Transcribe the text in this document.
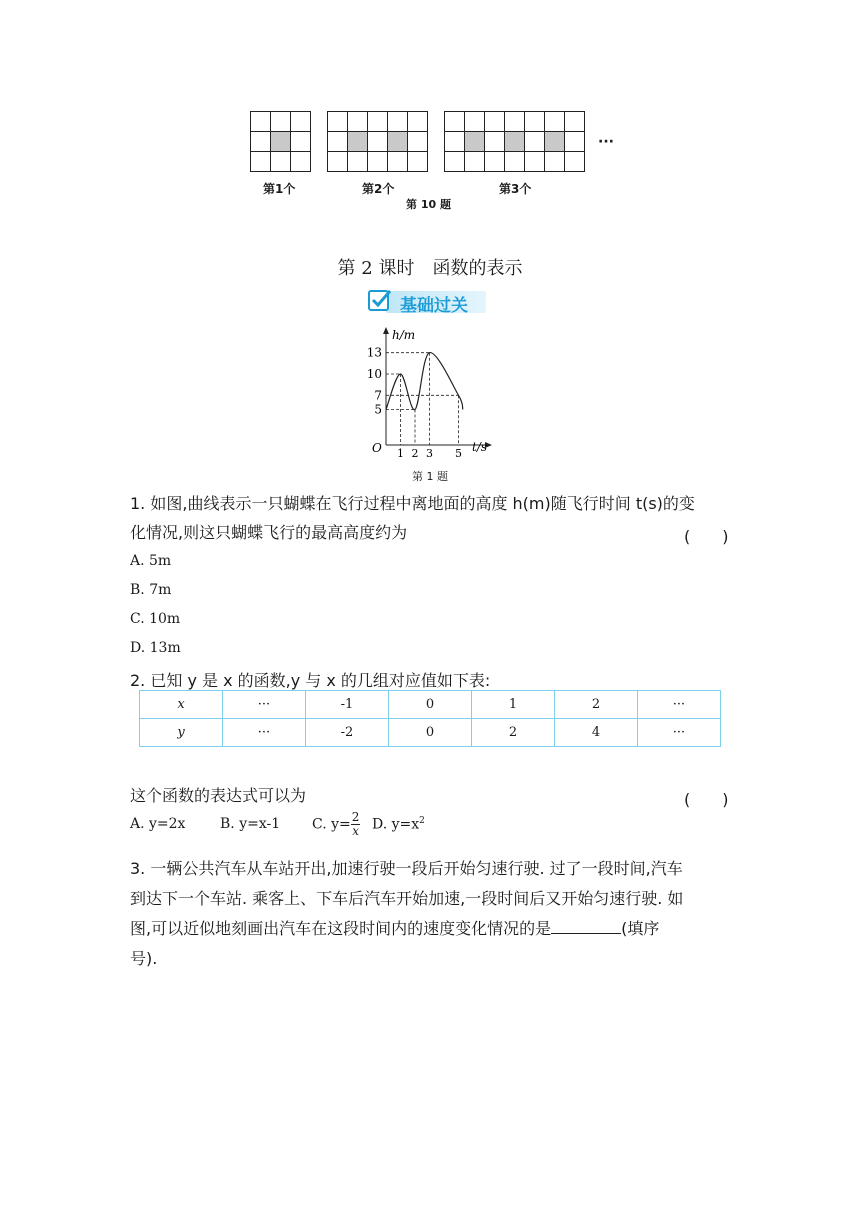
···
第1个	第2个	第3个
第 10 题
第 2 课时　函数的表示
基础过关
13
10
7
5
1 2 3 5
h/m
t/s
O
第 1 题
1. 如图,曲线表示一只蝴蝶在飞行过程中离地面的高度 h(m)随飞行时间 t(s)的变
化情况,则这只蝴蝶飞行的最高高度约为	(　　)
A. 5m
B. 7m
C. 10m
D. 13m
2. 已知 y 是 x 的函数,y 与 x 的几组对应值如下表:
x	···	-1	0	1	2	···
y	···	-2	0	2	4	···
这个函数的表达式可以为	(　　)
A. y=2x B. y=x-1 C. $y= \frac{2}{x} D$. $y=x^2$
3. 一辆公共汽车从车站开出,加速行驶一段后开始匀速行驶. 过了一段时间,汽车
到达下一个车站. 乘客上、下车后汽车开始加速,一段时间后又开始匀速行驶. 如
图,可以近似地刻画出汽车在这段时间内的速度变化情况的是	(填序
号).
